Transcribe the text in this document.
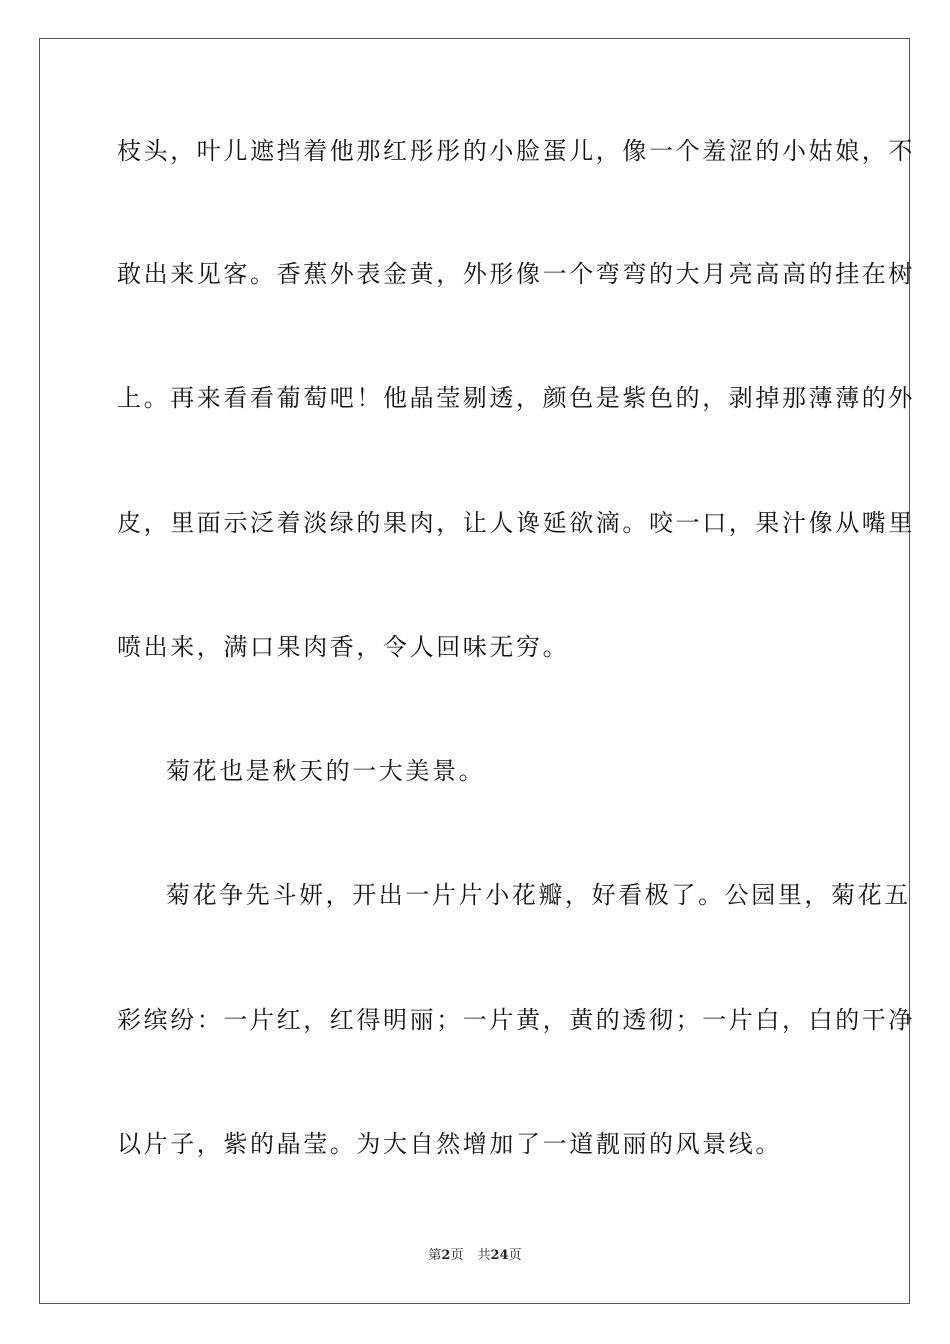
枝头，叶儿遮挡着他那红彤彤的小脸蛋儿，像一个羞涩的小姑娘，不
敢出来见客。香蕉外表金黄，外形像一个弯弯的大月亮高高的挂在树
上。再来看看葡萄吧！他晶莹剔透，颜色是紫色的，剥掉那薄薄的外
皮，里面示泛着淡绿的果肉，让人谗延欲滴。咬一口，果汁像从嘴里
喷出来，满口果肉香，令人回味无穷。
菊花也是秋天的一大美景。
菊花争先斗妍，开出一片片小花瓣，好看极了。公园里，菊花五
彩缤纷：一片红，红得明丽；一片黄，黄的透彻；一片白，白的干净
以片子，紫的晶莹。为大自然增加了一道靓丽的风景线。
第2页 共24页
